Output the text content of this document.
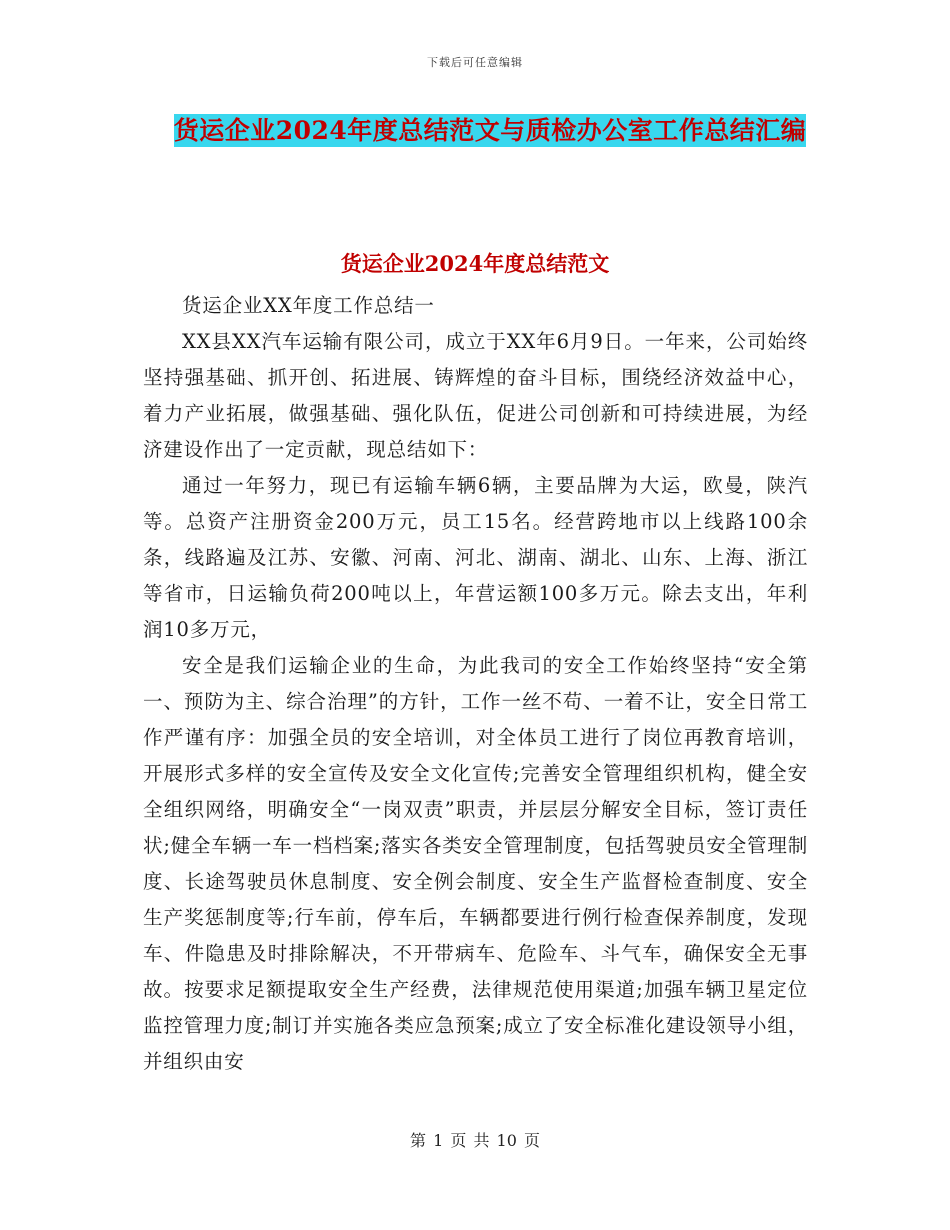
下载后可任意编辑
货运企业2024年度总结范文与质检办公室工作总结汇编
货运企业2024年度总结范文

货运企业XX年度工作总结一

XX县XX汽车运输有限公司，成立于XX年6月9日。一年来，公司始终坚持强基础、抓开创、拓进展、铸辉煌的奋斗目标，围绕经济效益中心，着力产业拓展，做强基础、强化队伍，促进公司创新和可持续进展，为经济建设作出了一定贡献，现总结如下：

通过一年努力，现已有运输车辆6辆，主要品牌为大运，欧曼，陕汽等。总资产注册资金200万元，员工15名。经营跨地市以上线路100余条，线路遍及江苏、安徽、河南、河北、湖南、湖北、山东、上海、浙江等省市，日运输负荷200吨以上，年营运额100多万元。除去支出，年利润10多万元，

安全是我们运输企业的生命，为此我司的安全工作始终坚持“安全第一、预防为主、综合治理”的方针，工作一丝不苟、一着不让，安全日常工作严谨有序：加强全员的安全培训，对全体员工进行了岗位再教育培训，开展形式多样的安全宣传及安全文化宣传;完善安全管理组织机构，健全安全组织网络，明确安全“一岗双责”职责，并层层分解安全目标，签订责任状;健全车辆一车一档档案;落实各类安全管理制度，包括驾驶员安全管理制度、长途驾驶员休息制度、安全例会制度、安全生产监督检查制度、安全生产奖惩制度等;行车前，停车后，车辆都要进行例行检查保养制度，发现车、件隐患及时排除解决，不开带病车、危险车、斗气车，确保安全无事故。按要求足额提取安全生产经费，法律规范使用渠道;加强车辆卫星定位监控管理力度;制订并实施各类应急预案;成立了安全标准化建设领导小组，并组织由安

第 1 页 共 10 页
